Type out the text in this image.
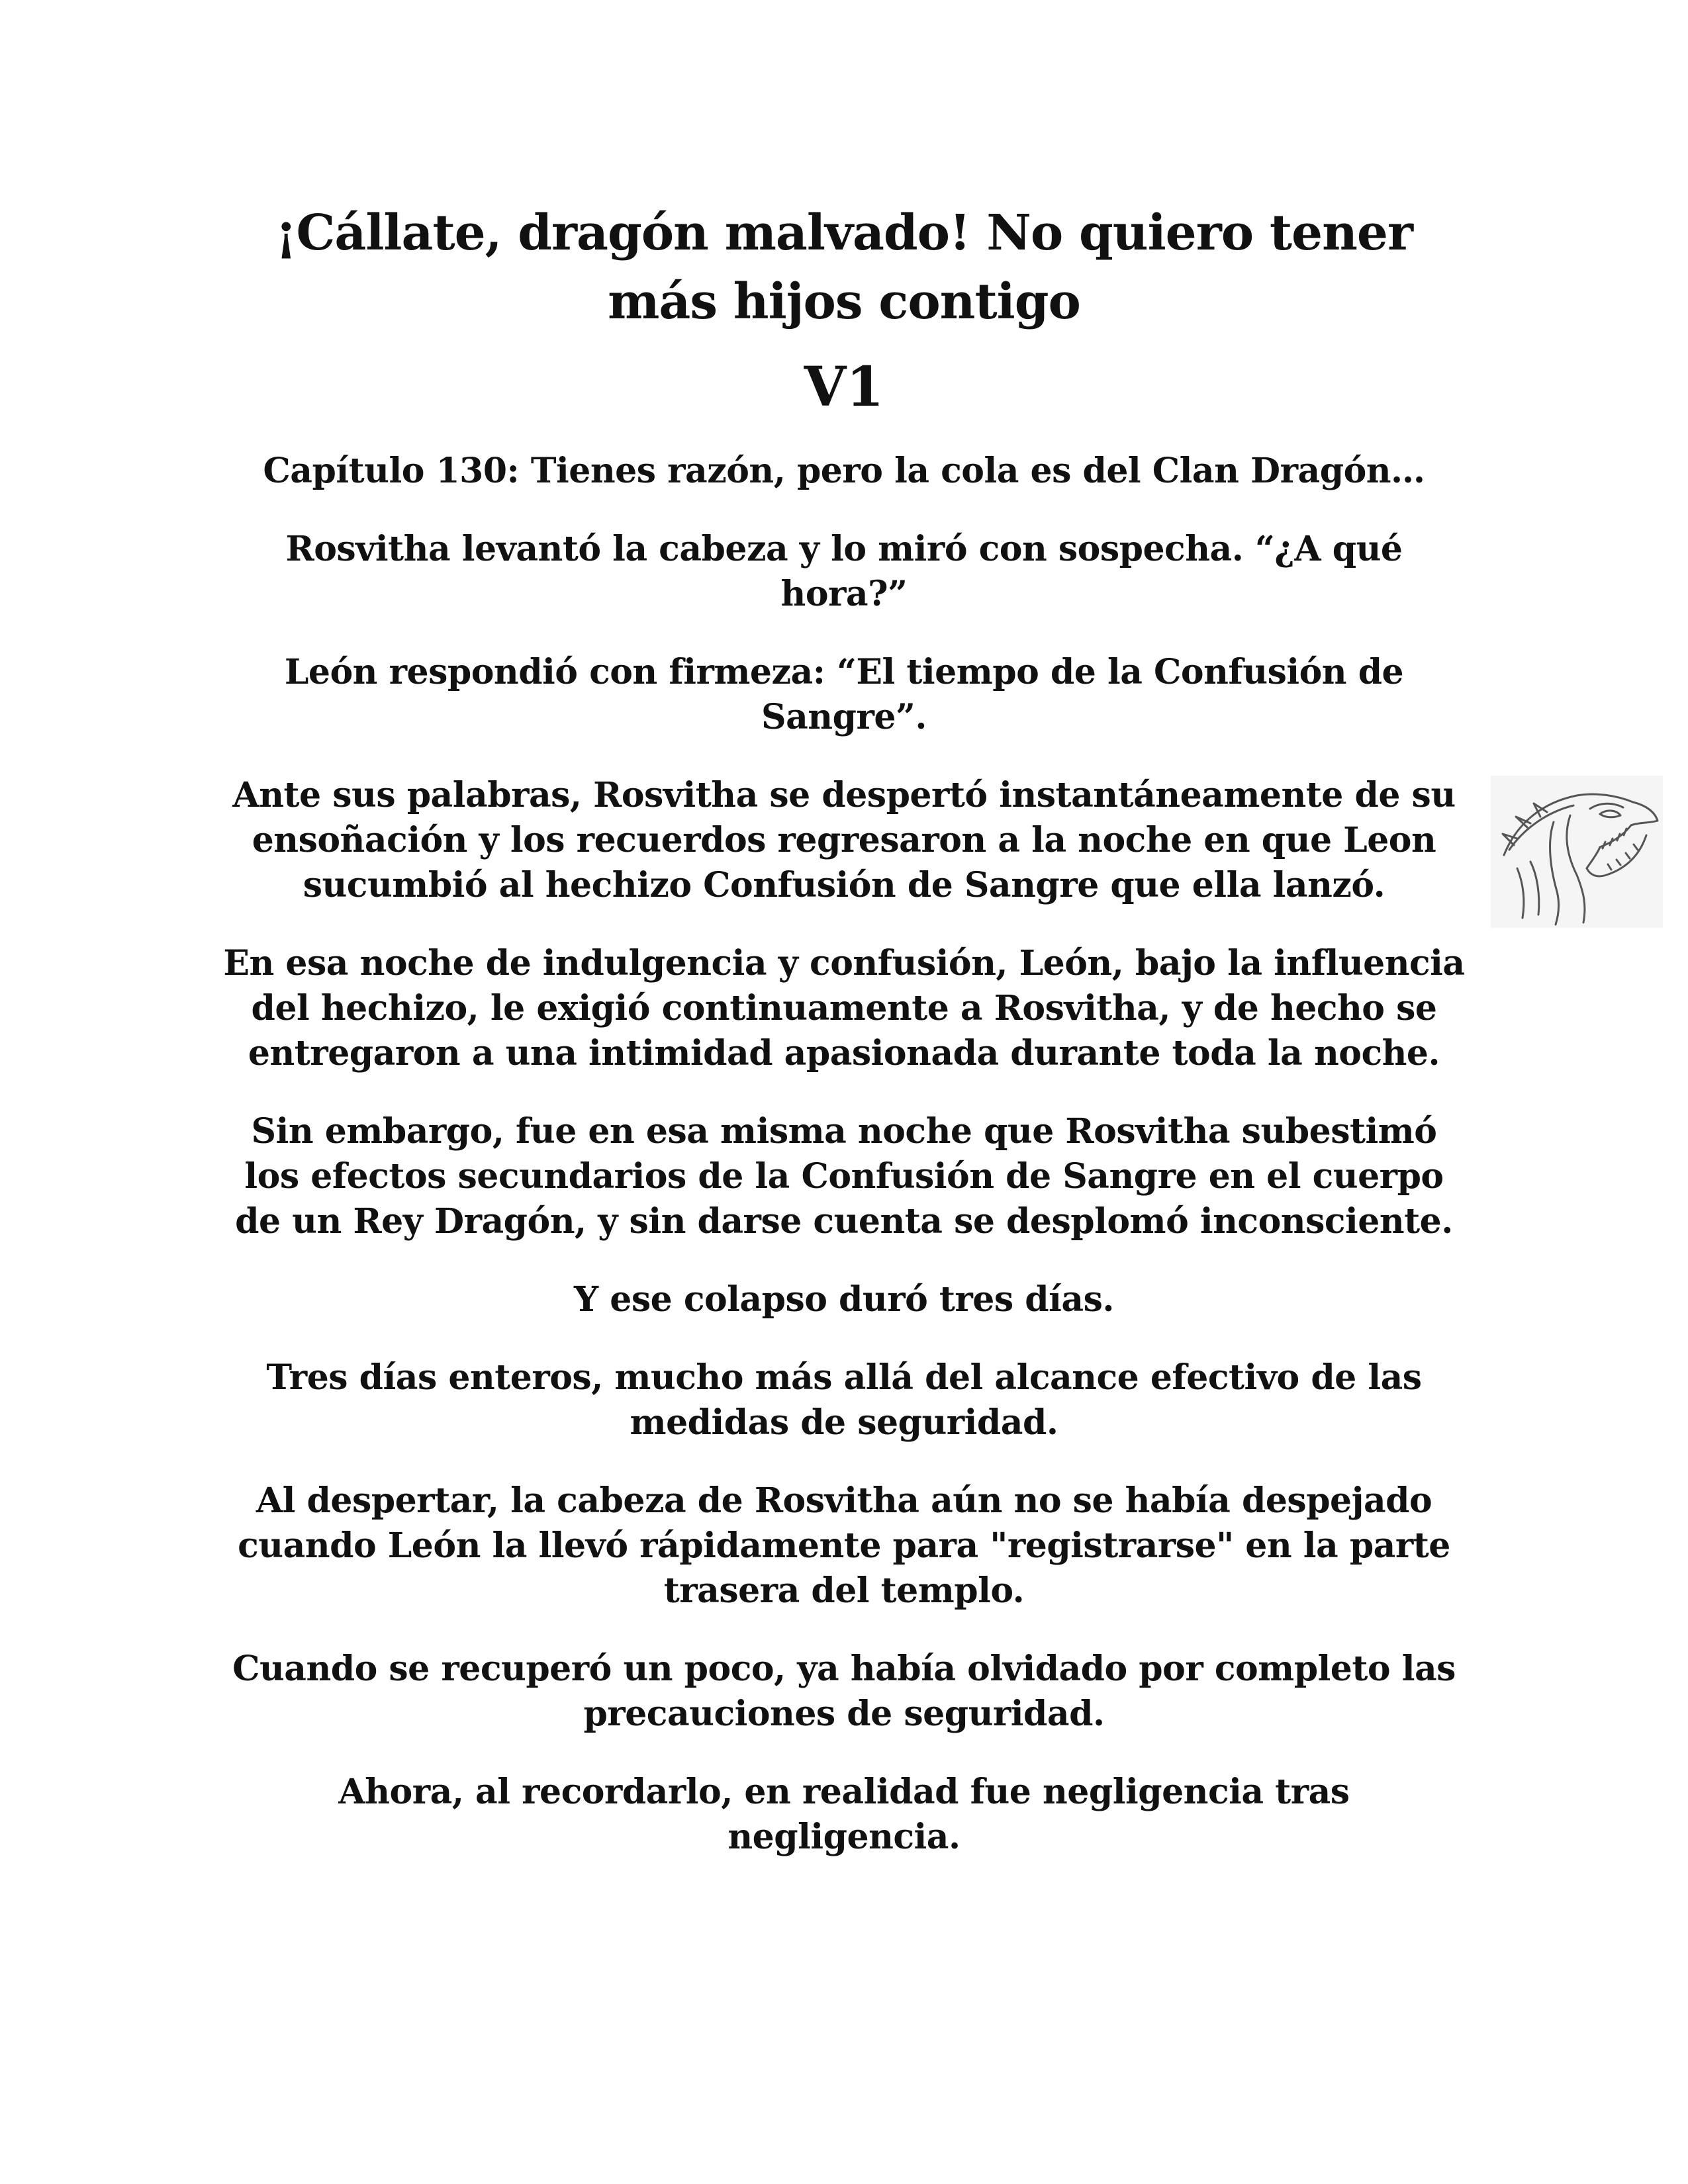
¡Cállate, dragón malvado! No quiero tener más hijos contigo
V1

Capítulo 130: Tienes razón, pero la cola es del Clan Dragón…

Rosvitha levantó la cabeza y lo miró con sospecha. “¿A qué hora?”

León respondió con firmeza: “El tiempo de la Confusión de Sangre”.

Ante sus palabras, Rosvitha se despertó instantáneamente de su ensoñación y los recuerdos regresaron a la noche en que Leon sucumbió al hechizo Confusión de Sangre que ella lanzó.

En esa noche de indulgencia y confusión, León, bajo la influencia del hechizo, le exigió continuamente a Rosvitha, y de hecho se entregaron a una intimidad apasionada durante toda la noche.

Sin embargo, fue en esa misma noche que Rosvitha subestimó los efectos secundarios de la Confusión de Sangre en el cuerpo de un Rey Dragón, y sin darse cuenta se desplomó inconsciente.

Y ese colapso duró tres días.

Tres días enteros, mucho más allá del alcance efectivo de las medidas de seguridad.

Al despertar, la cabeza de Rosvitha aún no se había despejado cuando León la llevó rápidamente para "registrarse" en la parte trasera del templo.

Cuando se recuperó un poco, ya había olvidado por completo las precauciones de seguridad.

Ahora, al recordarlo, en realidad fue negligencia tras negligencia.
